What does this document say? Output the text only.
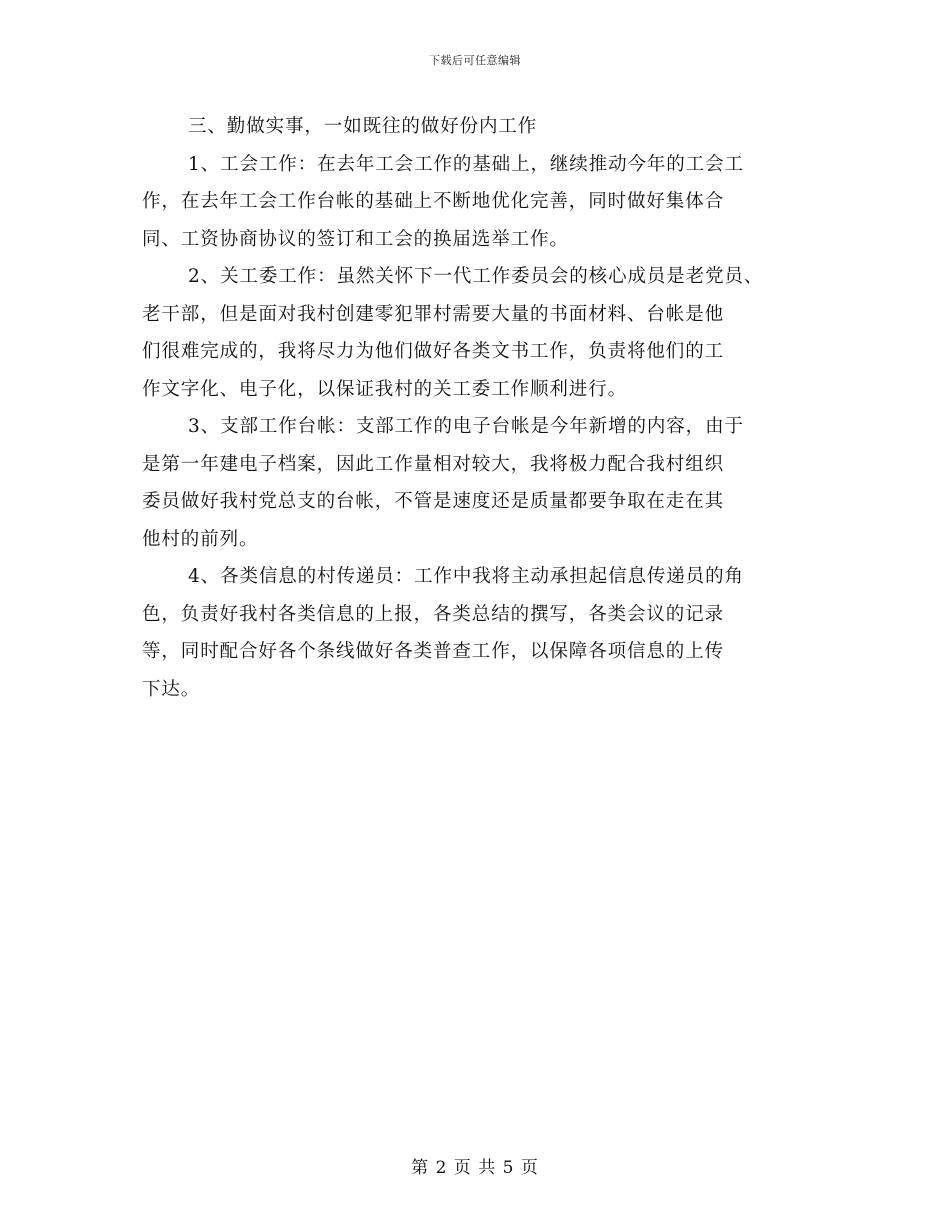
下载后可任意编辑
三、勤做实事，一如既往的做好份内工作
1、工会工作：在去年工会工作的基础上，继续推动今年的工会工
作，在去年工会工作台帐的基础上不断地优化完善，同时做好集体合
同、工资协商协议的签订和工会的换届选举工作。
2、关工委工作：虽然关怀下一代工作委员会的核心成员是老党员、
老干部，但是面对我村创建零犯罪村需要大量的书面材料、台帐是他
们很难完成的，我将尽力为他们做好各类文书工作，负责将他们的工
作文字化、电子化，以保证我村的关工委工作顺利进行。
3、支部工作台帐：支部工作的电子台帐是今年新增的内容，由于
是第一年建电子档案，因此工作量相对较大，我将极力配合我村组织
委员做好我村党总支的台帐，不管是速度还是质量都要争取在走在其
他村的前列。
4、各类信息的村传递员：工作中我将主动承担起信息传递员的角
色，负责好我村各类信息的上报，各类总结的撰写，各类会议的记录
等，同时配合好各个条线做好各类普查工作，以保障各项信息的上传
下达。
第 2 页 共 5 页
